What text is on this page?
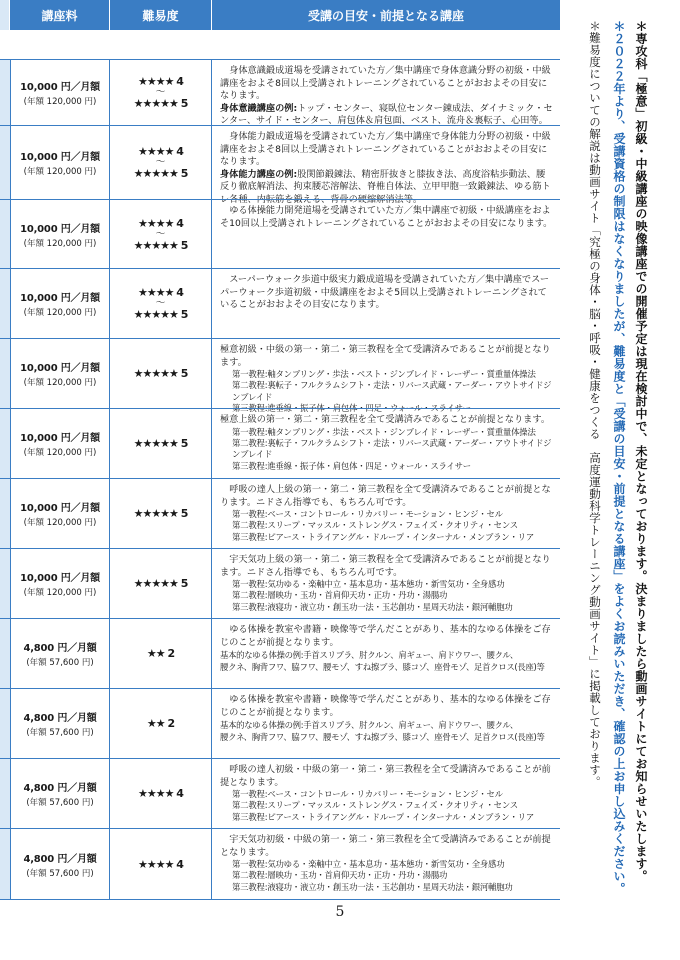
講座料	難易度	受講の目安・前提となる講座
10,000 円／月額
(年額 120,000 円)
★★★★ 4
〜
★★★★★ 5
身体意識鍛成道場を受講されていた方／集中講座で身体意識分野の初級・中級講座をおよそ8回以上受講されトレーニングされていることがおおよその目安になります。
身体意識講座の例:トップ・センター、寝臥位センター錬成法、ダイナミック・センター、サイド・センター、肩包体＆肩包面、ベスト、流舟＆裏転子、心田等。
10,000 円／月額
(年額 120,000 円)
★★★★ 4
〜
★★★★★ 5
身体能力鍛成道場を受講されていた方／集中講座で身体能力分野の初級・中級講座をおよそ8回以上受講されトレーニングされていることがおおよその目安になります。
身体能力講座の例:股関節鍛錬法、精密肝抜きと膝抜き法、高度浴粘歩動法、腰反り徹底解消法、拘束腰芯溶解法、脊椎自体法、立甲甲胞一致鍛錬法、ゆる筋トレ各種、内転筋を鍛える、背骨の硬縮解消法等。
10,000 円／月額
(年額 120,000 円)
★★★★ 4
〜
★★★★★ 5
ゆる体操能力開発道場を受講されていた方／集中講座で初級・中級講座をおよそ10回以上受講されトレーニングされていることがおおよその目安になります。
10,000 円／月額
(年額 120,000 円)
★★★★ 4
〜
★★★★★ 5
スーパーウォーク歩道中級実力鍛成道場を受講されていた方／集中講座でスーパーウォーク歩道初級・中級講座をおよそ5回以上受講されトレーニングされていることがおおよその目安になります。
10,000 円／月額
(年額 120,000 円)
★★★★★ 5
極意初級・中級の第一・第二・第三教程を全て受講済みであることが前提となります。
第一教程:軸タンブリング・歩法・ベスト・ジンブレイド・レーザー・質重量体操法
第二教程:裏転子・フルクラムシフト・走法・リバース武蔵・アーダー・アウトサイドジンブレイド
第三教程:進垂線・振子体・肩包体・四足・ウォール・スライサー
10,000 円／月額
(年額 120,000 円)
★★★★★ 5
極意上級の第一・第二・第三教程を全て受講済みであることが前提となります。
第一教程:軸タンブリング・歩法・ベスト・ジンブレイド・レーザー・質重量体操法
第二教程:裏転子・フルクラムシフト・走法・リバース武蔵・アーダー・アウトサイドジンブレイド
第三教程:進垂線・振子体・肩包体・四足・ウォール・スライサー
10,000 円／月額
(年額 120,000 円)
★★★★★ 5
呼吸の達人上級の第一・第二・第三教程を全て受講済みであることが前提となります。ニドさん指導でも、もちろん可です。
第一教程:ベース・コントロール・リカバリー・モーション・ヒンジ・セル
第二教程:スリープ・マッスル・ストレングス・フェイズ・クオリティ・センス
第三教程:ピアース・トライアングル・ドループ・インターナル・メンブラン・リア
10,000 円／月額
(年額 120,000 円)
★★★★★ 5
宇天気功上級の第一・第二・第三教程を全て受講済みであることが前提となります。ニドさん指導でも、もちろん可です。
第一教程:気功ゆる・楽軸中立・基本息功・基本態功・新雪気功・全身感功
第二教程:層映功・玉功・首肩仰天功・正功・丹功・湯腸功
第三教程:液寝功・液立功・創玉功一法・玉芯創功・星周天功法・銀河輔胞功
4,800 円／月額
(年額 57,600 円)
★★ 2
ゆる体操を教室や書籍・映像等で学んだことがあり、基本的なゆる体操をご存じのことが前提となります。
基本的なゆる体操の例:手首スリブラ、肘クルン、肩ギュー、肩ドウワー、腰クル、
腰クネ、胸背フワ、脇フワ、腰モゾ、すね擦ブラ、膝コゾ、座骨モゾ、足首クロス(長座)等
4,800 円／月額
(年額 57,600 円)
★★ 2
ゆる体操を教室や書籍・映像等で学んだことがあり、基本的なゆる体操をご存じのことが前提となります。
基本的なゆる体操の例:手首スリブラ、肘クルン、肩ギュー、肩ドウワー、腰クル、
腰クネ、胸背フワ、脇フワ、腰モゾ、すね擦ブラ、膝コゾ、座骨モゾ、足首クロス(長座)等
4,800 円／月額
(年額 57,600 円)
★★★★ 4
呼吸の達人初級・中級の第一・第二・第三教程を全て受講済みであることが前提となります。
第一教程:ベース・コントロール・リカバリー・モーション・ヒンジ・セル
第二教程:スリープ・マッスル・ストレングス・フェイズ・クオリティ・センス
第三教程:ピアース・トライアングル・ドループ・インターナル・メンブラン・リア
4,800 円／月額
(年額 57,600 円)
★★★★ 4
宇天気功初級・中級の第一・第二・第三教程を全て受講済みであることが前提となります。
第一教程:気功ゆる・楽軸中立・基本息功・基本態功・新雪気功・全身感功
第二教程:層映功・玉功・首肩仰天功・正功・丹功・湯腸功
第三教程:液寝功・液立功・創玉功一法・玉芯創功・星周天功法・銀河輔胞功
＊専攻科「極意」初級・中級講座の映像講座での開催予定は現在検討中で、未定となっております。決まりましたら動画サイトにてお知らせいたします。
＊２０２２年より、受講資格の制限はなくなりましたが、難易度と「受講の目安・前提となる講座」をよくお読みいただき、確認の上お申し込みください。
＊難易度についての解説は動画サイト「究極の身体・脳・呼吸・健康をつくる　高度運動科学トレーニング動画サイト」に掲載しております。
5
